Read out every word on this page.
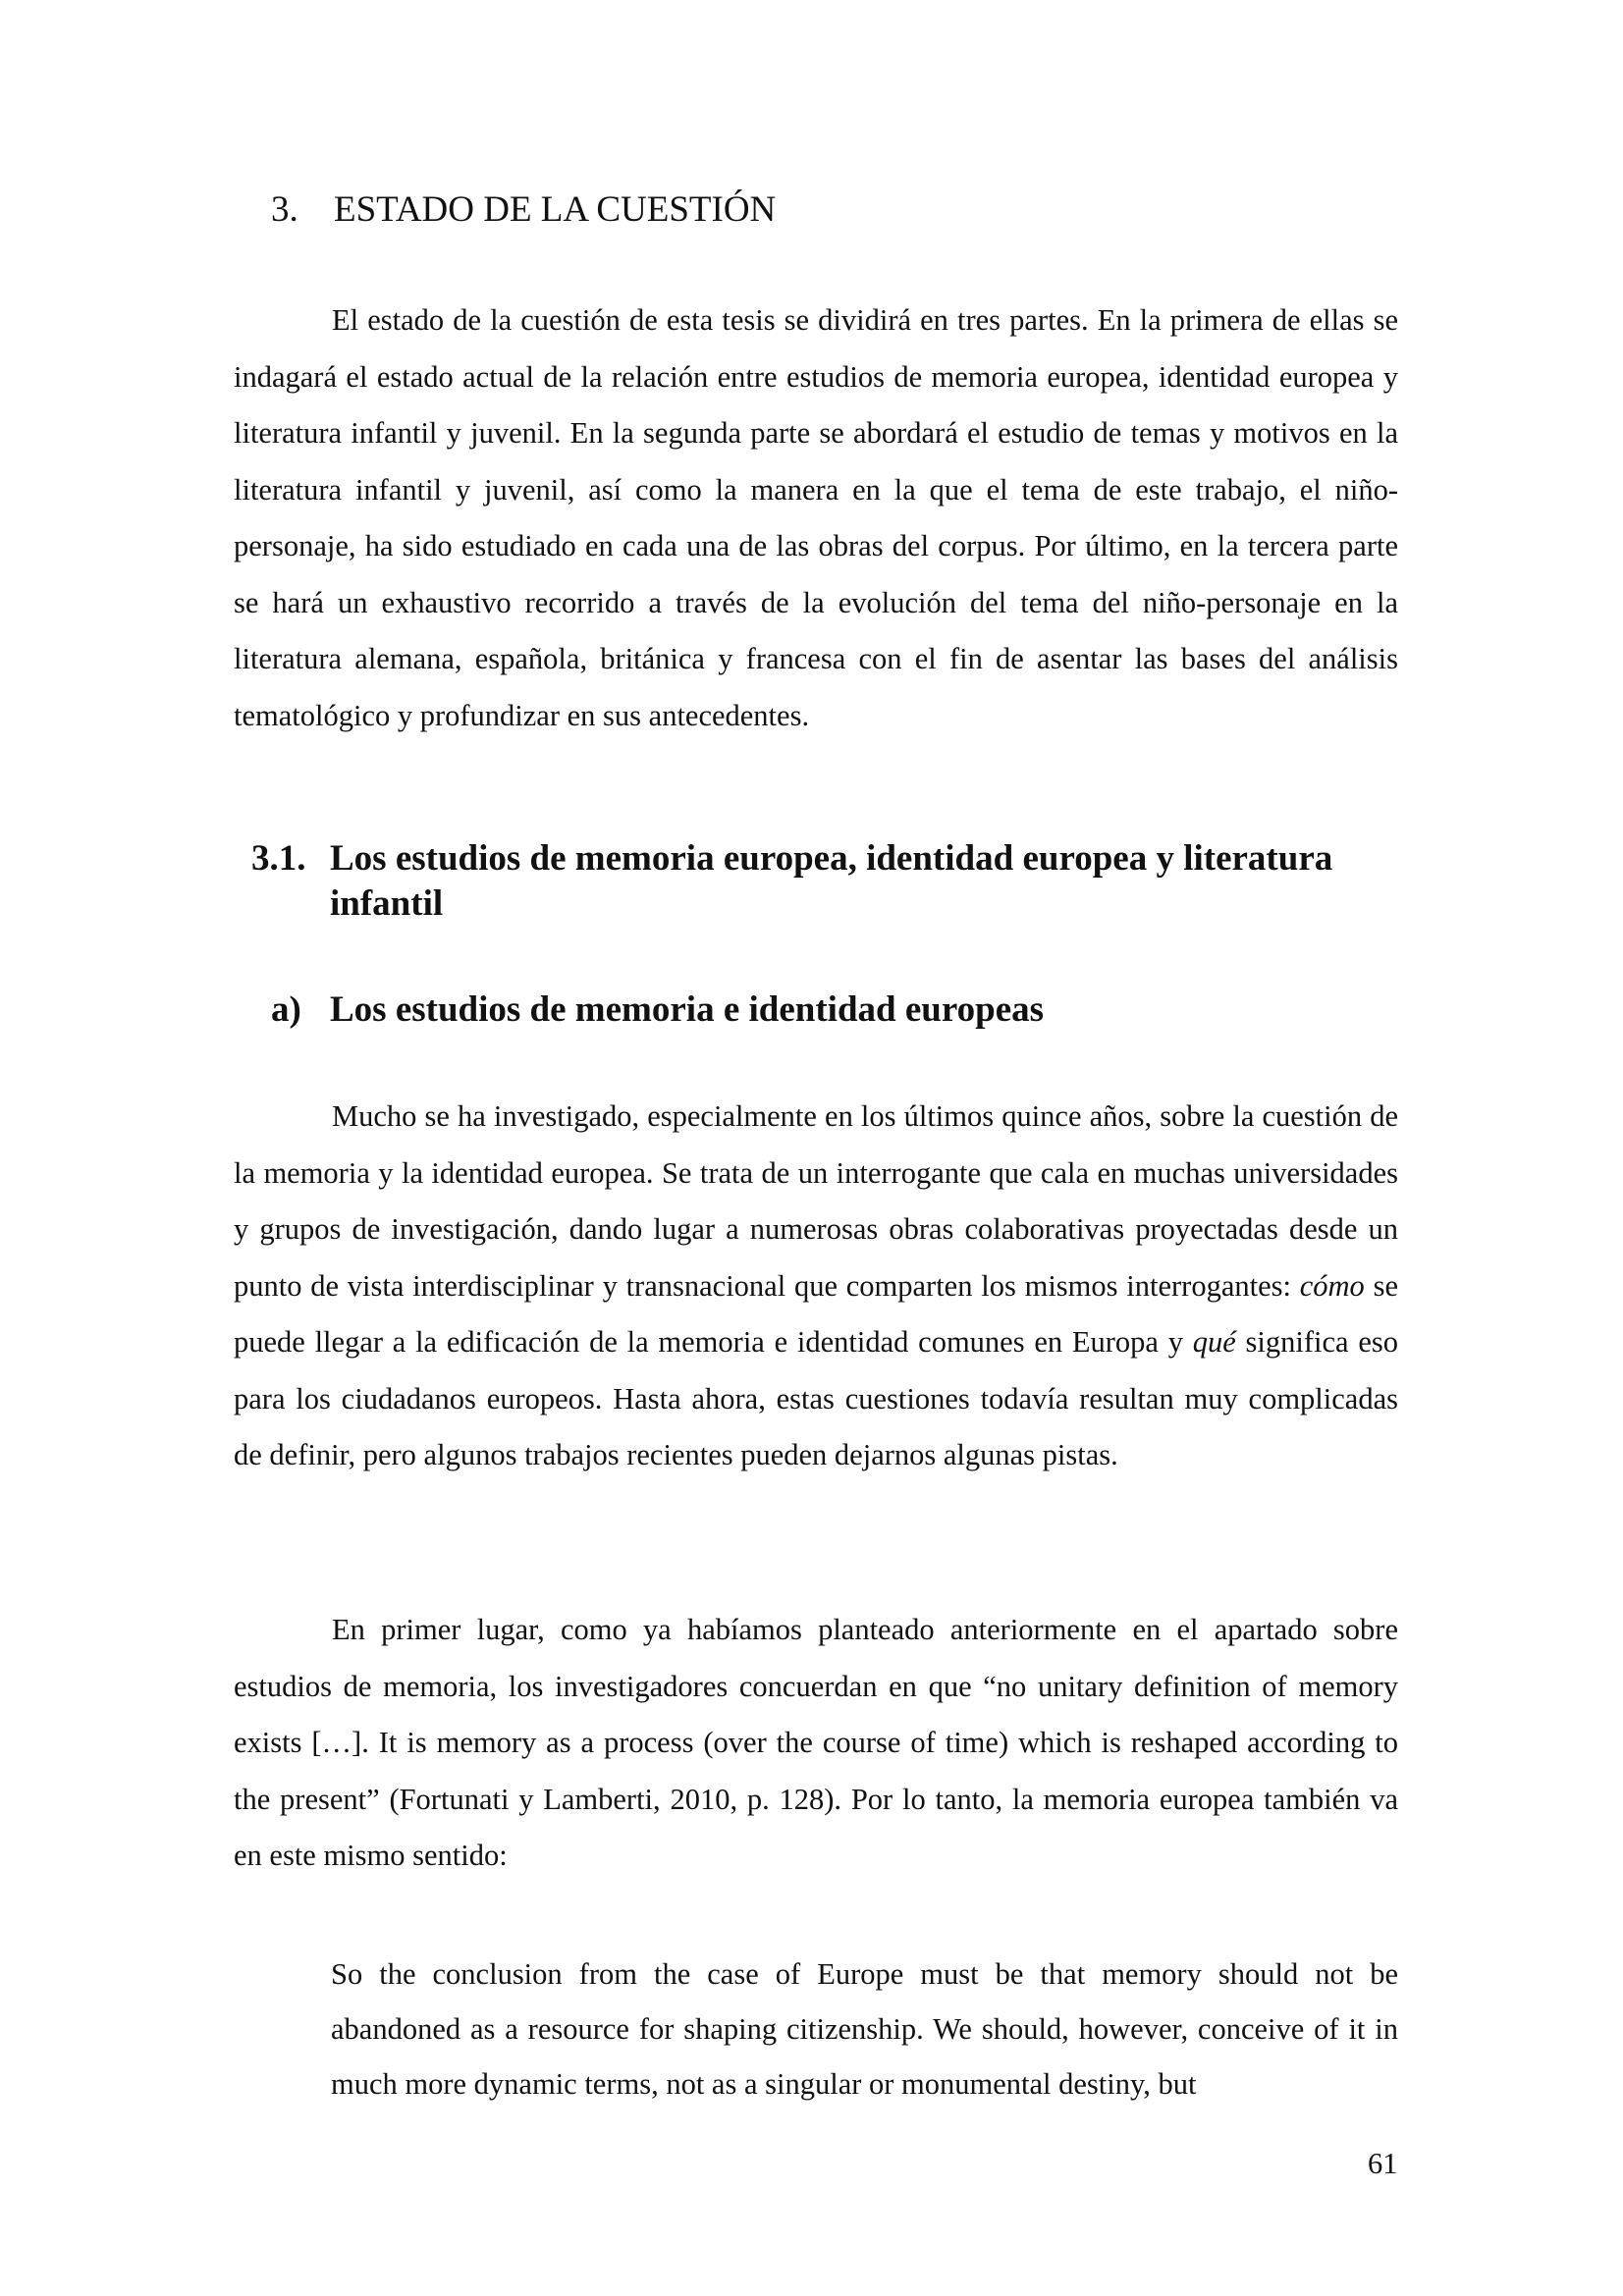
3. ESTADO DE LA CUESTIÓN

El estado de la cuestión de esta tesis se dividirá en tres partes. En la primera de ellas se indagará el estado actual de la relación entre estudios de memoria europea, identidad europea y literatura infantil y juvenil. En la segunda parte se abordará el estudio de temas y motivos en la literatura infantil y juvenil, así como la manera en la que el tema de este trabajo, el niño-personaje, ha sido estudiado en cada una de las obras del corpus. Por último, en la tercera parte se hará un exhaustivo recorrido a través de la evolución del tema del niño-personaje en la literatura alemana, española, británica y francesa con el fin de asentar las bases del análisis tematológico y profundizar en sus antecedentes.

3.1. Los estudios de memoria europea, identidad europea y literatura infantil
a) Los estudios de memoria e identidad europeas

Mucho se ha investigado, especialmente en los últimos quince años, sobre la cuestión de la memoria y la identidad europea. Se trata de un interrogante que cala en muchas universidades y grupos de investigación, dando lugar a numerosas obras colaborativas proyectadas desde un punto de vista interdisciplinar y transnacional que comparten los mismos interrogantes: cómo se puede llegar a la edificación de la memoria e identidad comunes en Europa y qué significa eso para los ciudadanos europeos. Hasta ahora, estas cuestiones todavía resultan muy complicadas de definir, pero algunos trabajos recientes pueden dejarnos algunas pistas.

En primer lugar, como ya habíamos planteado anteriormente en el apartado sobre estudios de memoria, los investigadores concuerdan en que “no unitary definition of memory exists […]. It is memory as a process (over the course of time) which is reshaped according to the present” (Fortunati y Lamberti, 2010, p. 128). Por lo tanto, la memoria europea también va en este mismo sentido:

So the conclusion from the case of Europe must be that memory should not be abandoned as a resource for shaping citizenship. We should, however, conceive of it in much more dynamic terms, not as a singular or monumental destiny, but

61
